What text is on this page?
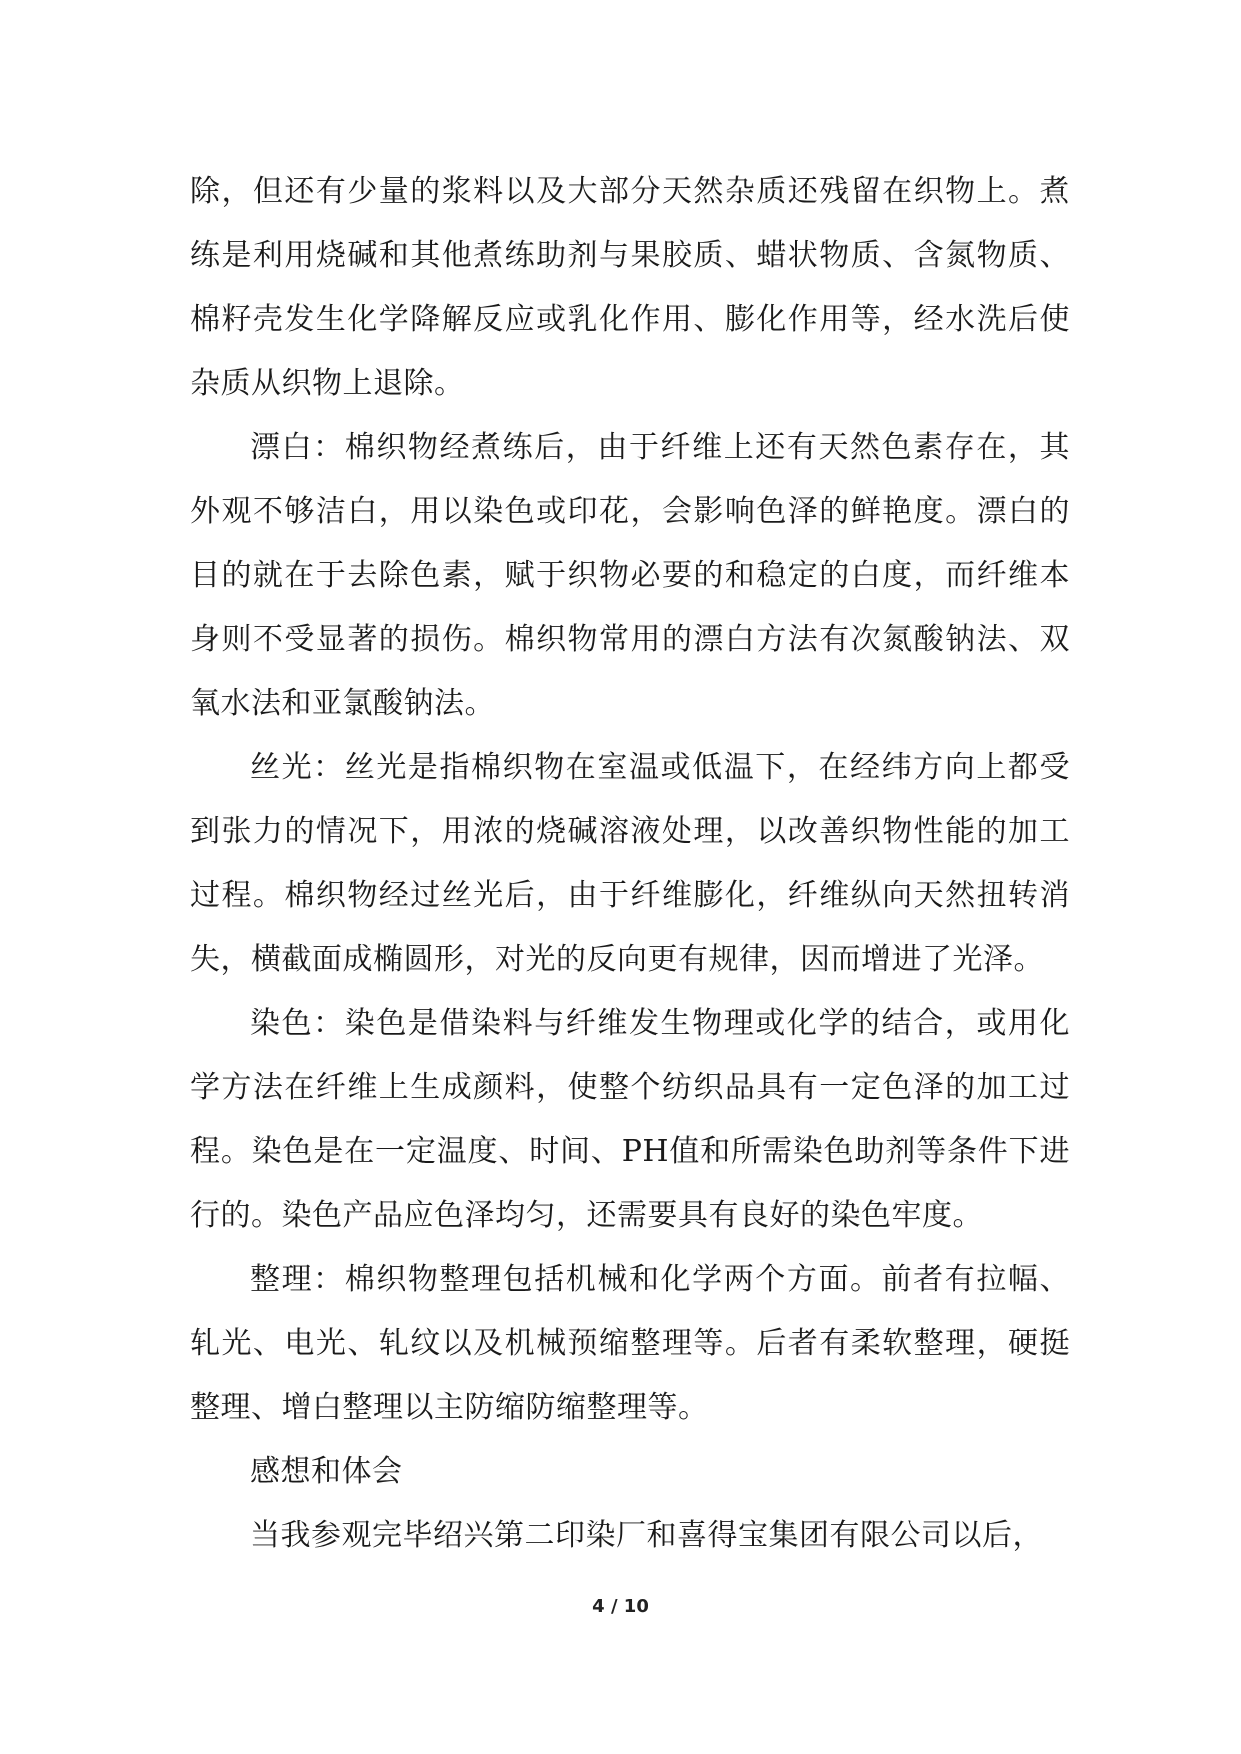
除，但还有少量的浆料以及大部分天然杂质还残留在织物上。煮练是利用烧碱和其他煮练助剂与果胶质、蜡状物质、含氮物质、棉籽壳发生化学降解反应或乳化作用、膨化作用等，经水洗后使杂质从织物上退除。

漂白：棉织物经煮练后，由于纤维上还有天然色素存在，其外观不够洁白，用以染色或印花，会影响色泽的鲜艳度。漂白的目的就在于去除色素，赋于织物必要的和稳定的白度，而纤维本身则不受显著的损伤。棉织物常用的漂白方法有次氮酸钠法、双氧水法和亚氯酸钠法。

丝光：丝光是指棉织物在室温或低温下，在经纬方向上都受到张力的情况下，用浓的烧碱溶液处理，以改善织物性能的加工过程。棉织物经过丝光后，由于纤维膨化，纤维纵向天然扭转消失，横截面成椭圆形，对光的反向更有规律，因而增进了光泽。

染色：染色是借染料与纤维发生物理或化学的结合，或用化学方法在纤维上生成颜料，使整个纺织品具有一定色泽的加工过程。染色是在一定温度、时间、PH值和所需染色助剂等条件下进行的。染色产品应色泽均匀，还需要具有良好的染色牢度。

整理：棉织物整理包括机械和化学两个方面。前者有拉幅、轧光、电光、轧纹以及机械预缩整理等。后者有柔软整理，硬挺整理、增白整理以主防缩防缩整理等。

感想和体会

当我参观完毕绍兴第二印染厂和喜得宝集团有限公司以后，

4 / 10
